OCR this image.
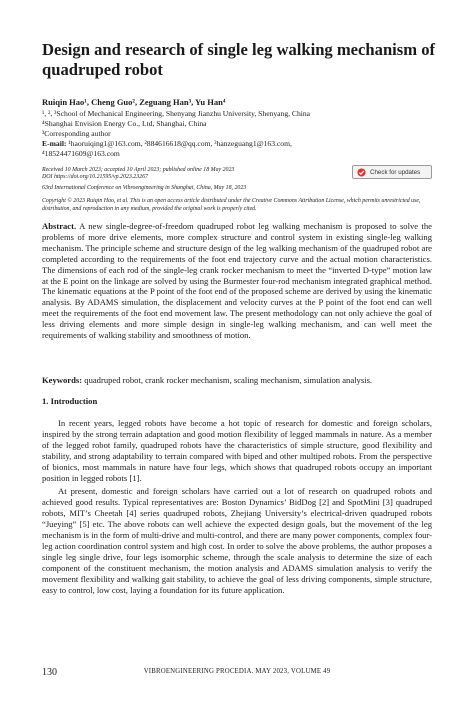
Design and research of single leg walking mechanism of quadruped robot
Ruiqin Hao¹, Cheng Guo², Zeguang Han³, Yu Han⁴
¹, ², ³School of Mechanical Engineering, Shenyang Jianzhu University, Shenyang, China
⁴Shanghai Envision Energy Co., Ltd, Shanghai, China
³Corresponding author
E-mail: ¹haoruiqing1@163.com, ²884616618@qq.com, ³hanzeguang1@163.com,
⁴18524471609@163.com
Received 10 March 2023; accepted 10 April 2023; published online 18 May 2023
DOI https://doi.org/10.21595/vp.2023.23267
63rd International Conference on Vibroengineering in Shanghai, China, May 18, 2023
Check for updates
Copyright © 2023 Ruiqin Hao, et al. This is an open access article distributed under the Creative Commons Attribution License, which permits unrestricted use, distribution, and reproduction in any medium, provided the original work is properly cited.

Abstract. A new single-degree-of-freedom quadruped robot leg walking mechanism is proposed to solve the problems of more drive elements, more complex structure and control system in existing single-leg walking mechanism. The principle scheme and structure design of the leg walking mechanism of the quadruped robot are completed according to the requirements of the foot end trajectory curve and the actual motion characteristics. The dimensions of each rod of the single-leg crank rocker mechanism to meet the “inverted D-type” motion law at the E point on the linkage are solved by using the Burmester four-rod mechanism integrated graphical method. The kinematic equations at the P point of the foot end of the proposed scheme are derived by using the kinematic analysis. By ADAMS simulation, the displacement and velocity curves at the P point of the foot end can well meet the requirements of the foot end movement law. The present methodology can not only achieve the goal of less driving elements and more simple design in single-leg walking mechanism, and can well meet the requirements of walking stability and smoothness of motion.

Keywords: quadruped robot, crank rocker mechanism, scaling mechanism, simulation analysis.
1. Introduction

In recent years, legged robots have become a hot topic of research for domestic and foreign scholars, inspired by the strong terrain adaptation and good motion flexibility of legged mammals in nature. As a member of the legged robot family, quadruped robots have the characteristics of simple structure, good flexibility and stability, and strong adaptability to terrain compared with biped and other multiped robots. From the perspective of bionics, most mammals in nature have four legs, which shows that quadruped robots occupy an important position in legged robots [1].

At present, domestic and foreign scholars have carried out a lot of research on quadruped robots and achieved good results. Typical representatives are: Boston Dynamics’ BidDog [2] and SpotMini [3] quadruped robots, MIT’s Cheetah [4] series quadruped robots, Zhejiang University’s electrical-driven quadruped robots “Jueying” [5] etc. The above robots can well achieve the expected design goals, but the movement of the leg mechanism is in the form of multi-drive and multi-control, and there are many power components, complex four-leg action coordination control system and high cost. In order to solve the above problems, the author proposes a single leg single drive, four legs isomorphic scheme, through the scale analysis to determine the size of each component of the constituent mechanism, the motion analysis and ADAMS simulation analysis to verify the movement flexibility and walking gait stability, to achieve the goal of less driving components, simple structure, easy to control, low cost, laying a foundation for its future application.

130	VIBROENGINEERING PROCEDIA. MAY 2023, VOLUME 49
